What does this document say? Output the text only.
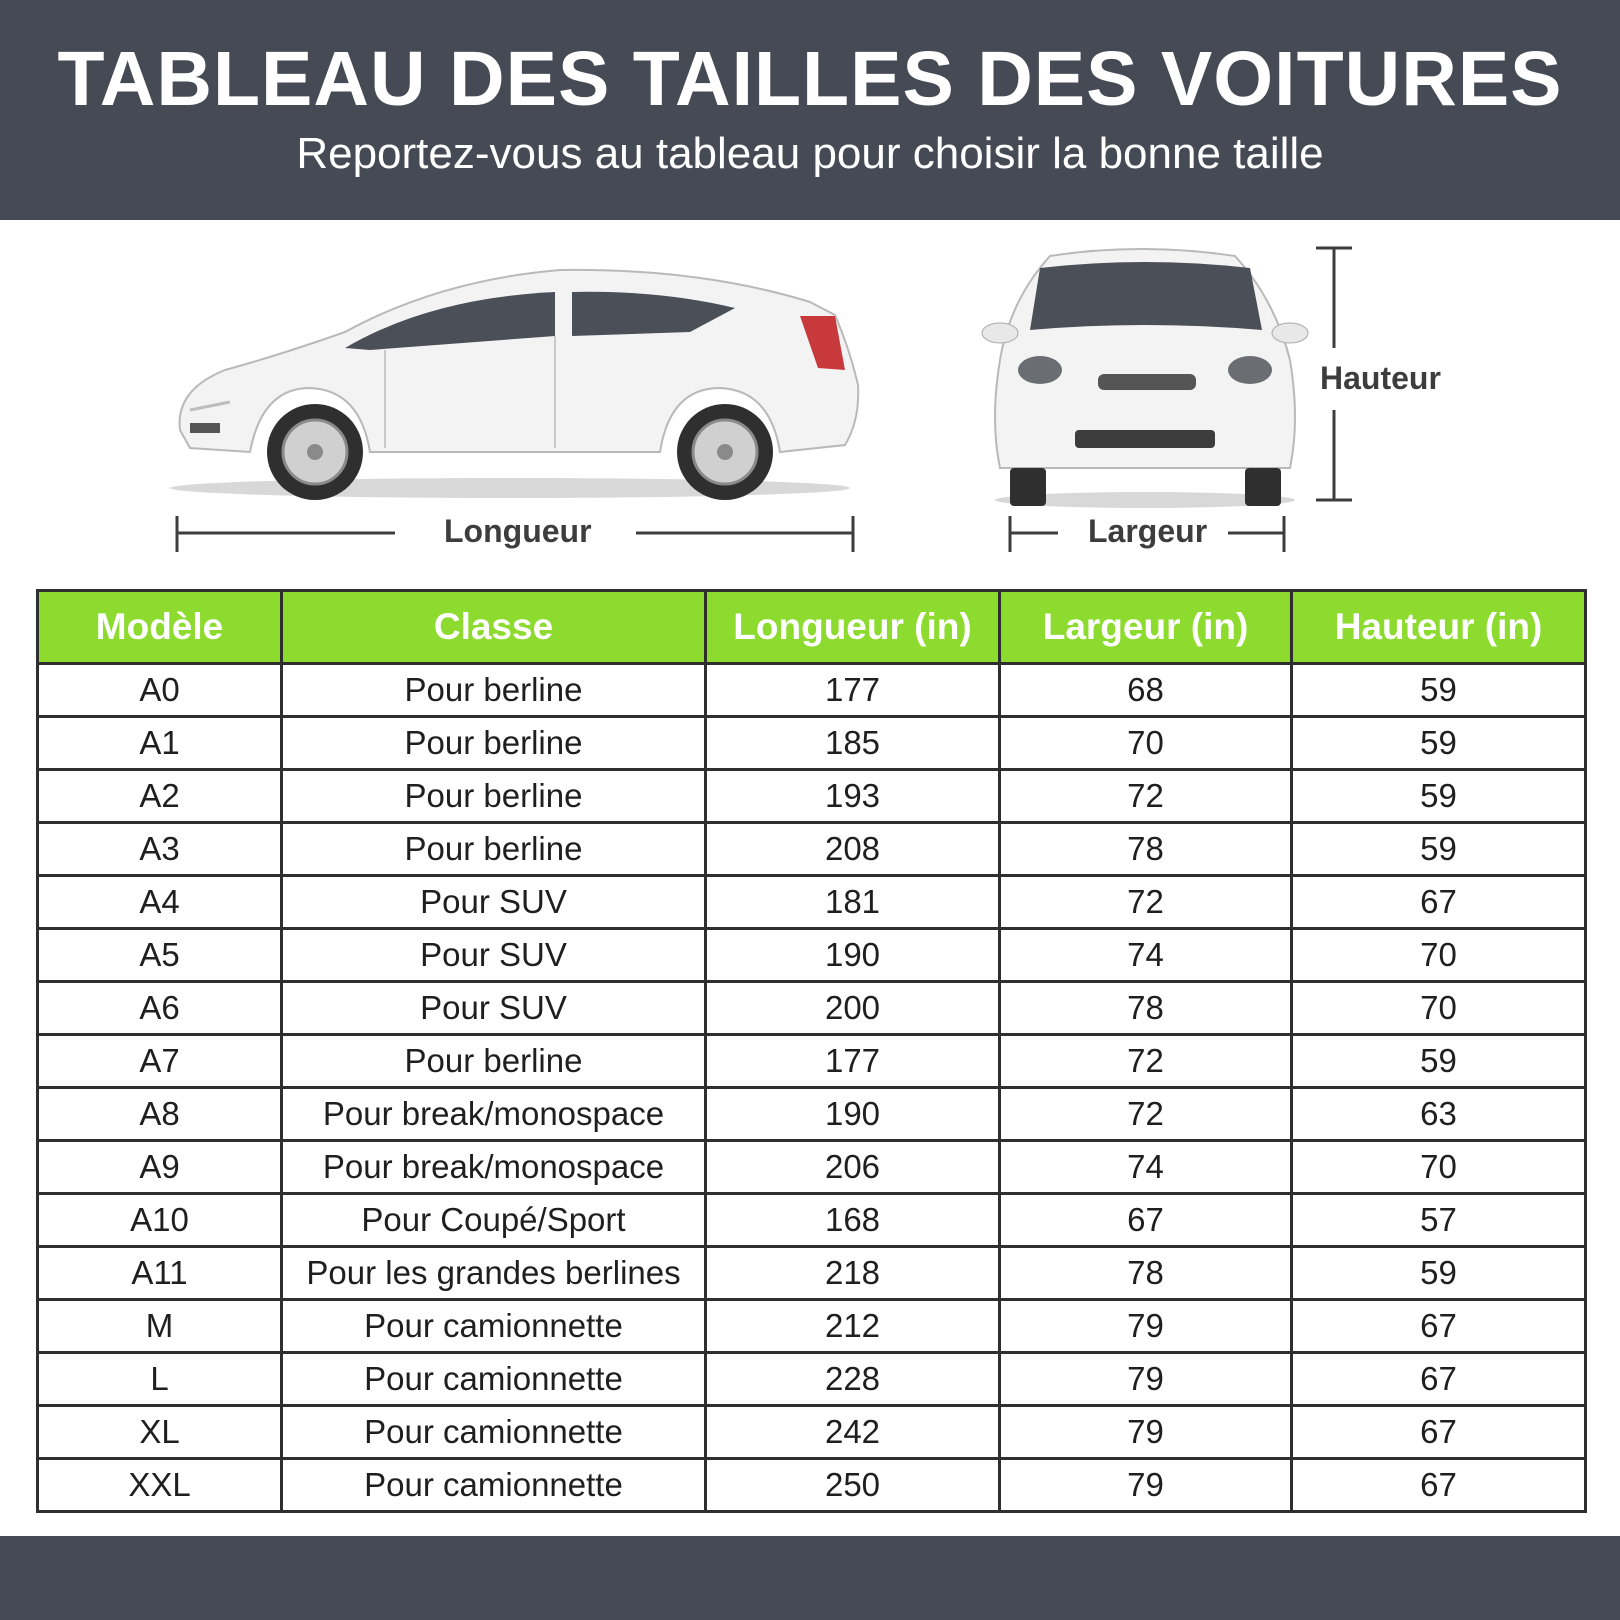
TABLEAU DES TAILLES DES VOITURES
Reportez-vous au tableau pour choisir la bonne taille
Longueur	Largeur
Hauteur
Modèle	Classe	Longueur (in)	Largeur (in)	Hauteur (in)
A0	Pour berline	177	68	59
A1	Pour berline	185	70	59
A2	Pour berline	193	72	59
A3	Pour berline	208	78	59
A4	Pour SUV	181	72	67
A5	Pour SUV	190	74	70
A6	Pour SUV	200	78	70
A7	Pour berline	177	72	59
A8	Pour break/monospace	190	72	63
A9	Pour break/monospace	206	74	70
A10	Pour Coupé/Sport	168	67	57
A11	Pour les grandes berlines	218	78	59
M	Pour camionnette	212	79	67
L	Pour camionnette	228	79	67
XL	Pour camionnette	242	79	67
XXL	Pour camionnette	250	79	67
